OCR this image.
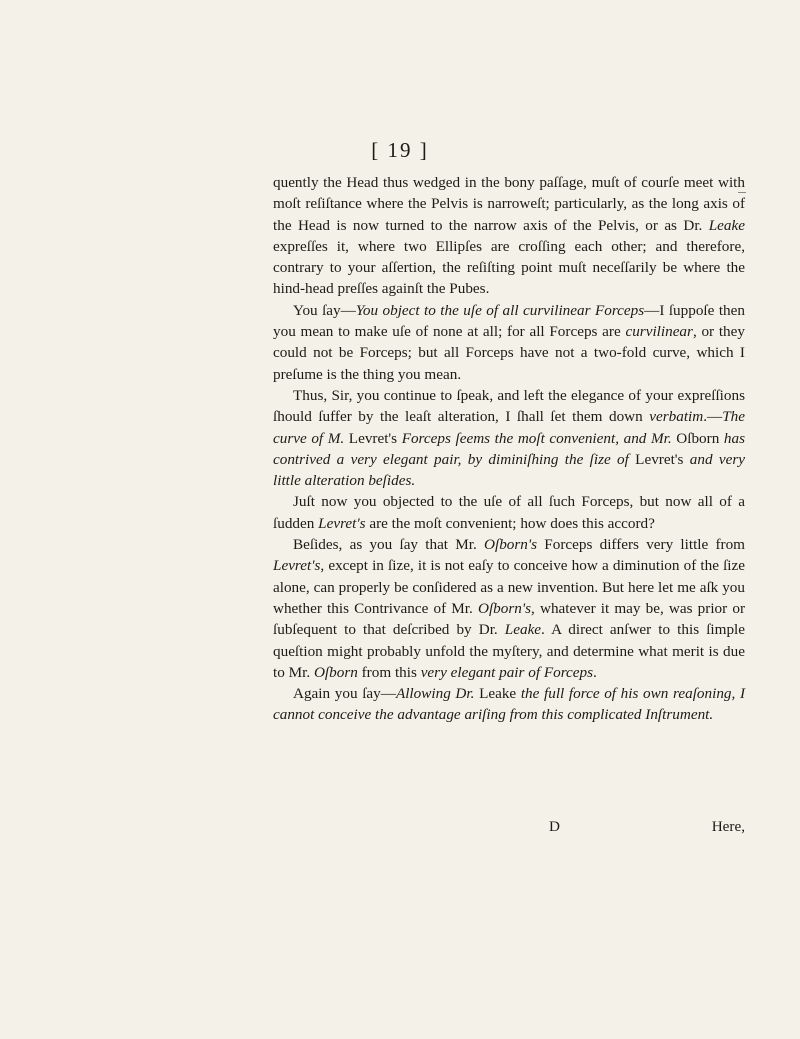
[ 19 ]

quently the Head thus wedged in the bony paſſage, muſt of courſe meet with moſt reſiſtance where the Pelvis is narroweſt; particularly, as the long axis of the Head is now turned to the narrow axis of the Pelvis, or as Dr. Leake expreſſes it, where two Ellipſes are croſſing each other; and therefore, contrary to your aſſertion, the reſiſting point muſt neceſſarily be where the hind-head preſſes againſt the Pubes.

You ſay—You object to the uſe of all curvilinear Forceps—I ſuppoſe then you mean to make uſe of none at all; for all Forceps are curvilinear, or they could not be Forceps; but all Forceps have not a two-fold curve, which I preſume is the thing you mean.

Thus, Sir, you continue to ſpeak, and left the elegance of your expreſſions ſhould ſuffer by the leaſt alteration, I ſhall ſet them down verbatim.—The curve of M. Levret's Forceps ſeems the moſt convenient, and Mr. Oſborn has contrived a very elegant pair, by diminiſhing the ſize of Levret's and very little alteration beſides.

Juſt now you objected to the uſe of all ſuch Forceps, but now all of a ſudden Levret's are the moſt convenient; how does this accord?

Beſides, as you ſay that Mr. Oſborn's Forceps differs very little from Levret's, except in ſize, it is not eaſy to conceive how a diminution of the ſize alone, can properly be conſidered as a new invention. But here let me aſk you whether this Contrivance of Mr. Oſborn's, whatever it may be, was prior or ſubſequent to that deſcribed by Dr. Leake. A direct anſwer to this ſimple queſtion might probably unfold the myſtery, and determine what merit is due to Mr. Oſborn from this very elegant pair of Forceps.

Again you ſay—Allowing Dr. Leake the full force of his own reaſoning, I cannot conceive the advantage ariſing from this complicated Inſtrument.

D	Here,
